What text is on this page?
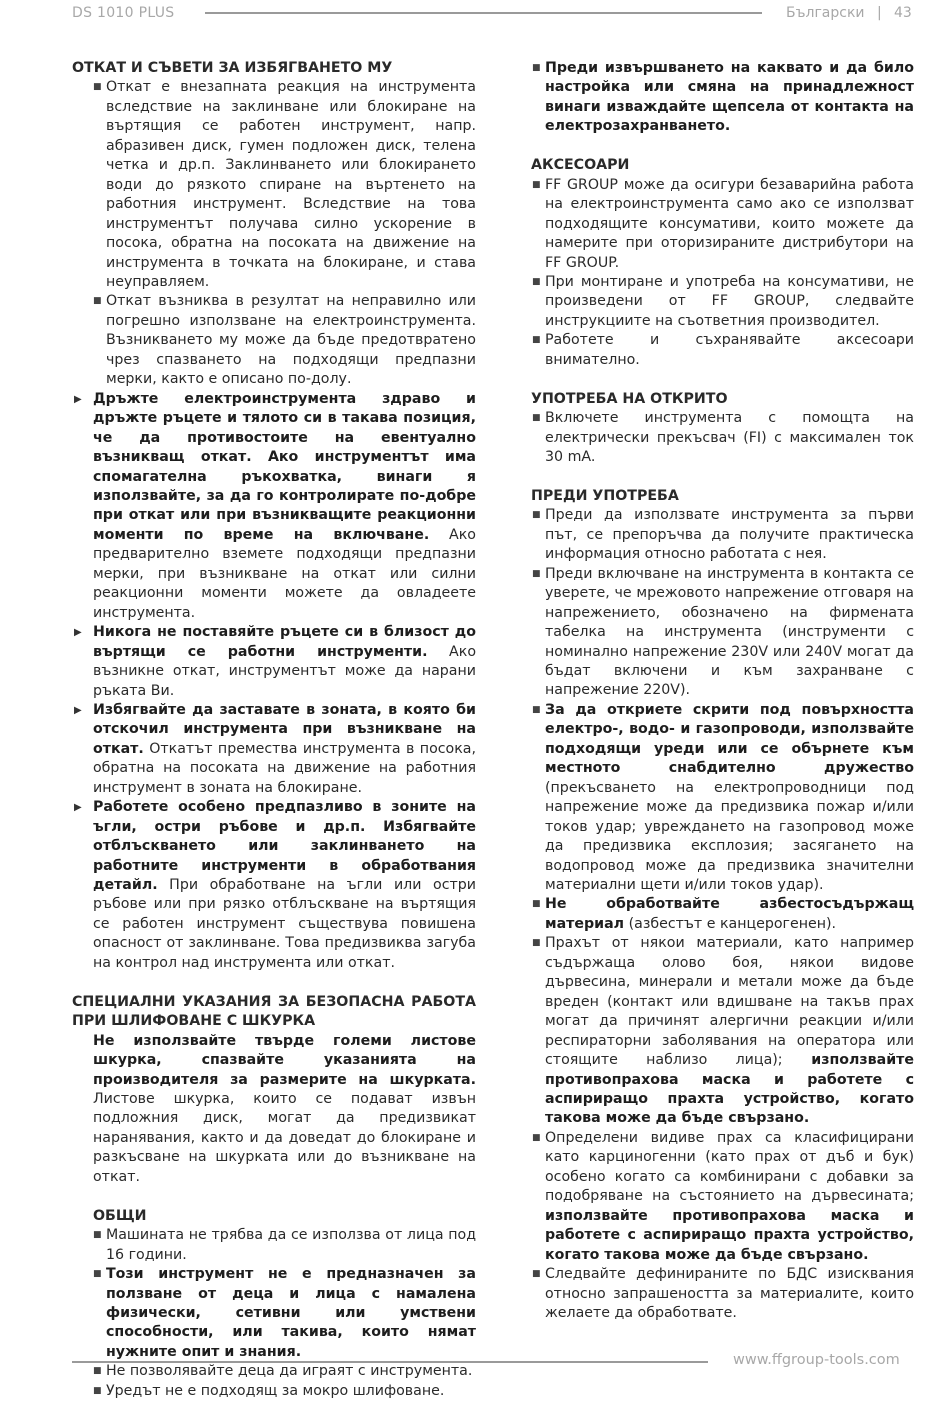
DS 1010 PLUS	Български | 43

ОТКАТ И СЪВЕТИ ЗА ИЗБЯГВАНЕТО МУ

■ Откат е внезапната реакция на инструмента вследствие на заклинване или блокиране на въртящия се работен инструмент, напр. абразивен диск, гумен подложен диск, телена четка и др.п. Заклинването или блокирането води до рязкото спиране на въртенето на работния инструмент. Вследствие на това инструментът получава силно ускорение в посока, обратна на посоката на движение на инструмента в точката на блокиране, и става неуправляем.
■ Откат възниква в резултат на неправилно или погрешно използване на електроинструмента. Възникването му може да бъде предотвратено чрез спазването на подходящи предпазни мерки, както е описано по-долу.
▶ Дръжте електроинструмента здраво и дръжте ръцете и тялото си в такава позиция, че да противостоите на евентуално възникващ откат. Ако инструментът има спомагателна ръкохватка, винаги я използвайте, за да го контролирате по-добре при откат или при възникващите реакционни моменти по време на включване. Ако предварително вземете подходящи предпазни мерки, при възникване на откат или силни реакционни моменти можете да овладеете инструмента.
▶ Никога не поставяйте ръцете си в близост до въртящи се работни инструменти. Ако възникне откат, инструментът може да нарани ръката Ви.
▶ Избягвайте да заставате в зоната, в която би отскочил инструмента при възникване на откат. Откатът премества инструмента в посока, обратна на посоката на движение на работния инструмент в зоната на блокиране.
▶ Работете особено предпазливо в зоните на ъгли, остри ръбове и др.п. Избягвайте отблъскването или заклинването на работните инструменти в обработвания детайл. При обработване на ъгли или остри ръбове или при рязко отблъскване на въртящия се работен инструмент съществува повишена опасност от заклинване. Това предизвиква загуба на контрол над инструмента или откат.

СПЕЦИАЛНИ УКАЗАНИЯ ЗА БЕЗОПАСНА РАБОТА ПРИ ШЛИФОВАНЕ С ШКУРКА

Не използвайте твърде големи листове шкурка, спазвайте указанията на производителя за размерите на шкурката. Листове шкурка, които се подават извън подложния диск, могат да предизвикат наранявания, както и да доведат до блокиране и разкъсване на шкурката или до възникване на откат.

ОБЩИ

■ Машината не трябва да се използва от лица под 16 години.
■ Този инструмент не е предназначен за ползване от деца и лица с намалена физически, сетивни или умствени способности, или такива, които нямат нужните опит и знания.
■ Не позволявайте деца да играят с инструмента.
■ Уредът не е подходящ за мокро шлифоване.
■ Преди извършването на каквато и да било настройка или смяна на принадлежност винаги изваждайте щепсела от контакта на електрозахранването.

АКСЕСОАРИ

■ FF GROUP може да осигури безаварийна работа на електроинструмента само ако се използват подходящите консумативи, които можете да намерите при оторизираните дистрибутори на FF GROUP.
■ При монтиране и употреба на консумативи, не произведени от FF GROUP, следвайте инструкциите на съответния производител.
■ Работете и съхранявайте аксесоари внимателно.

УПОТРЕБА НА ОТКРИТО

■ Включете инструмента с помощта на електрически прекъсвач (FI) с максимален ток 30 mA.

ПРЕДИ УПОТРЕБА

■ Преди да използвате инструмента за първи път, се препоръчва да получите практическа информация относно работата с нея.
■ Преди включване на инструмента в контакта се уверете, че мрежовото напрежение отговаря на напрежението, обозначено на фирмената табелка на инструмента (инструменти с номинално напрежение 230V или 240V могат да бъдат включени и към захранване с напрежение 220V).
■ За да откриете скрити под повърхността електро-, водо- и газопроводи, използвайте подходящи уреди или се обърнете към местното снабдително дружество (прекъсването на електропроводници под напрежение може да предизвика пожар и/или токов удар; увреждането на газопровод може да предизвика експлозия; засягането на водопровод може да предизвика значителни материални щети и/или токов удар).
■ Не обработвайте азбестосъдържащ материал (азбестът е канцерогенен).
■ Прахът от някои материали, като например съдържаща олово боя, някои видове дървесина, минерали и метали може да бъде вреден (контакт или вдишване на такъв прах могат да причинят алергични реакции и/или респираторни заболявания на оператора или стоящите наблизо лица); използвайте противопрахова маска и работете с аспириращо прахта устройство, когато такова може да бъде свързано.
■ Определени видиве прах са класифицирани като карциногенни (като прах от дъб и бук) особено когато са комбинирани с добавки за подобряване на състоянието на дървесината; използвайте противопрахова маска и работете с аспириращо прахта устройство, когато такова може да бъде свързано.
■ Следвайте дефинираните по БДС изисквания относно запрашеността за материалите, които желаете да обработвате.
www.ffgroup-tools.com
